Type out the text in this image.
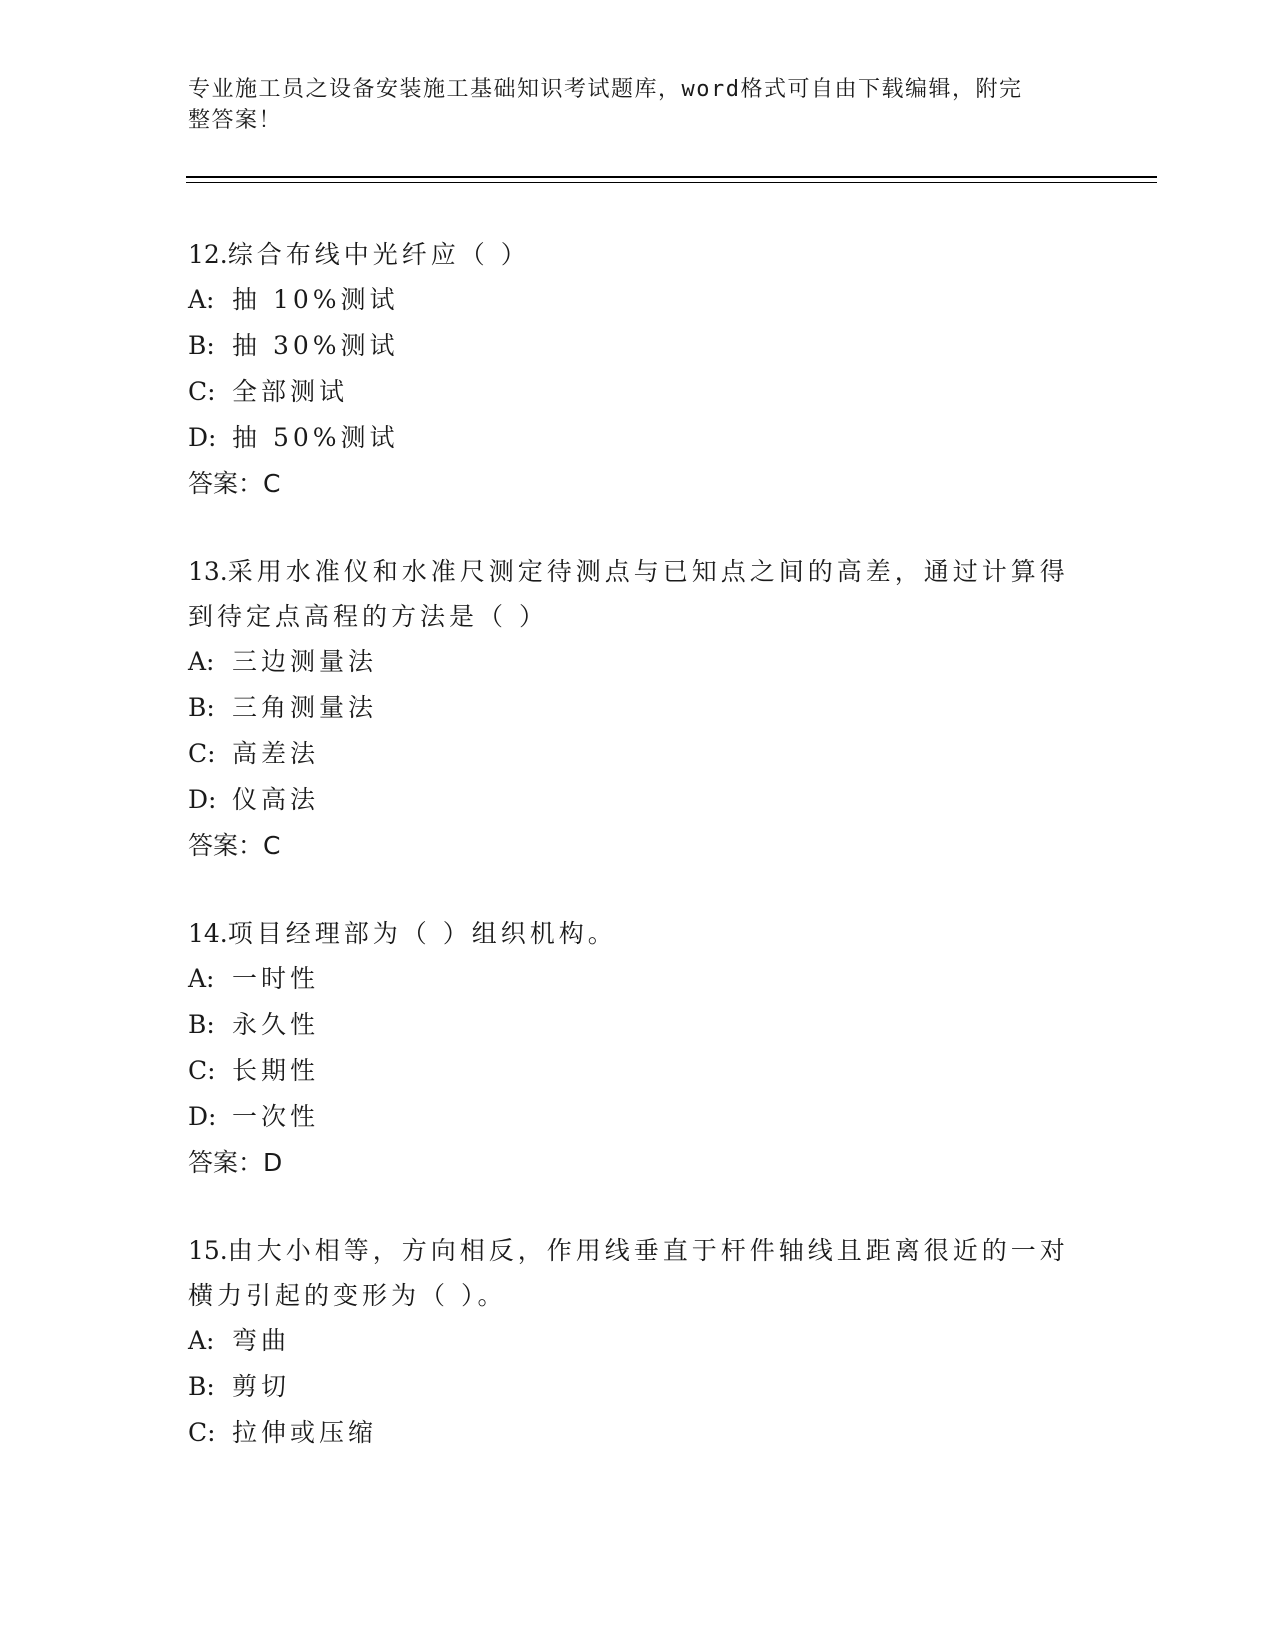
专业施工员之设备安装施工基础知识考试题库，word格式可自由下载编辑，附完
整答案！

12.综合布线中光纤应（ ）

A: 抽 10%测试

B: 抽 30%测试

C: 全部测试

D: 抽 50%测试

答案：C

13.采用水准仪和水准尺测定待测点与已知点之间的高差，通过计算得到待定点高程的方法是（ ）

A: 三边测量法

B: 三角测量法

C: 高差法

D: 仪高法

答案：C

14.项目经理部为（ ）组织机构。

A: 一时性

B: 永久性

C: 长期性

D: 一次性

答案：D

15.由大小相等，方向相反，作用线垂直于杆件轴线且距离很近的一对横力引起的变形为（ ）。

A: 弯曲

B: 剪切

C: 拉伸或压缩
